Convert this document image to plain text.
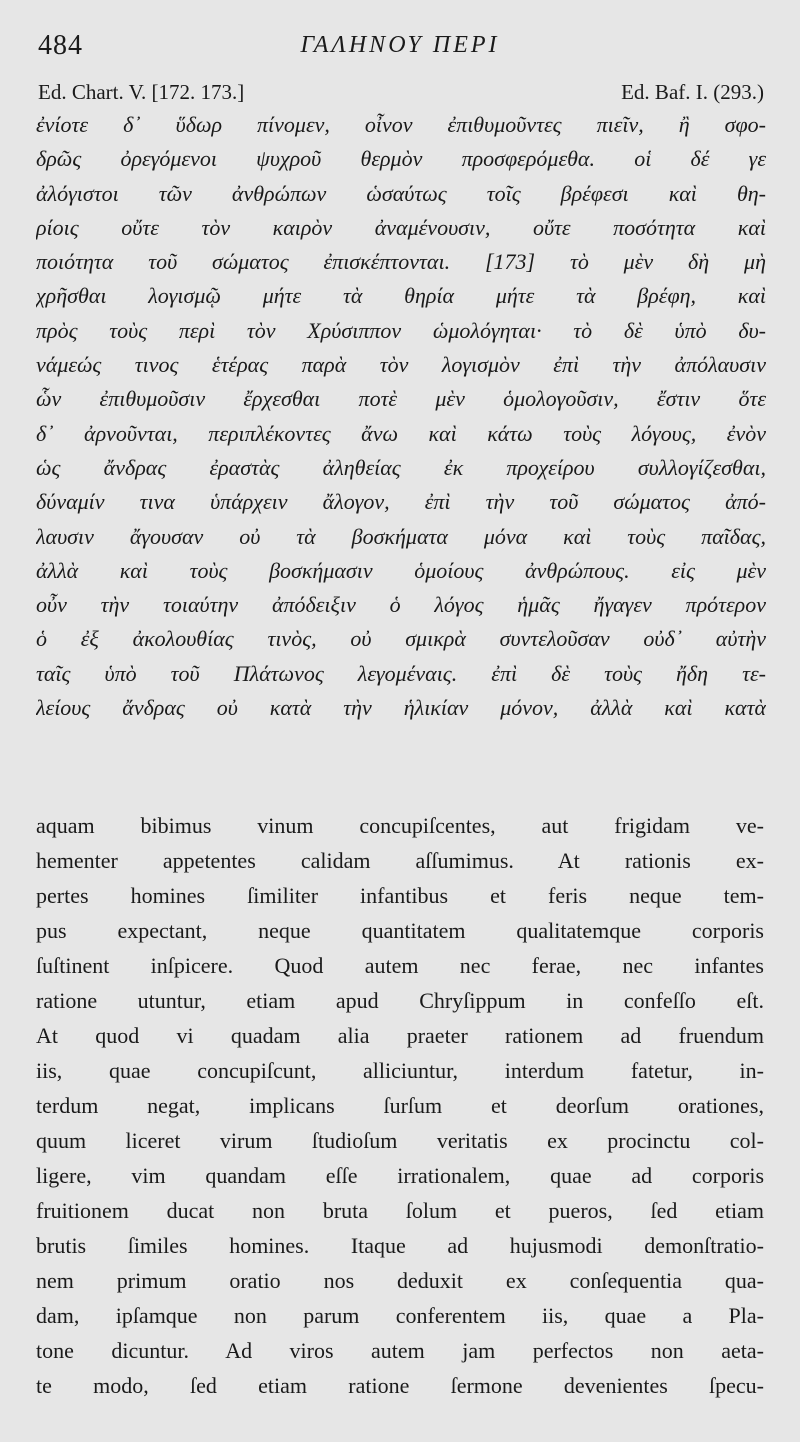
484	ΓΑΛΗΝΟΥ ΠΕΡΙ
Ed. Chart. V. [172. 173.]	Ed. Baf. I. (293.)
ἐνίοτε δ᾽ ὕδωρ πίνομεν, οἶνον ἐπιθυμοῦντες πιεῖν, ἢ σφο-
δρῶς ὀρεγόμενοι ψυχροῦ θερμὸν προσφερόμεθα. οἱ δέ γε
ἀλόγιστοι τῶν ἀνθρώπων ὡσαύτως τοῖς βρέφεσι καὶ θη-
ρίοις οὔτε τὸν καιρὸν ἀναμένουσιν, οὔτε ποσότητα καὶ
ποιότητα τοῦ σώματος ἐπισκέπτονται. [173] τὸ μὲν δὴ μὴ
χρῆσθαι λογισμῷ μήτε τὰ θηρία μήτε τὰ βρέφη, καὶ
πρὸς τοὺς περὶ τὸν Χρύσιππον ὡμολόγηται· τὸ δὲ ὑπὸ δυ-
νάμεώς τινος ἑτέρας παρὰ τὸν λογισμὸν ἐπὶ τὴν ἀπόλαυσιν
ὧν ἐπιθυμοῦσιν ἔρχεσθαι ποτὲ μὲν ὁμολογοῦσιν, ἔστιν ὅτε
δ᾽ ἀρνοῦνται, περιπλέκοντες ἄνω καὶ κάτω τοὺς λόγους, ἐνὸν
ὡς ἄνδρας ἐραστὰς ἀληθείας ἐκ προχείρου συλλογίζεσθαι,
δύναμίν τινα ὑπάρχειν ἄλογον, ἐπὶ τὴν τοῦ σώματος ἀπό-
λαυσιν ἄγουσαν οὐ τὰ βοσκήματα μόνα καὶ τοὺς παῖδας,
ἀλλὰ καὶ τοὺς βοσκήμασιν ὁμοίους ἀνθρώπους. εἰς μὲν
οὖν τὴν τοιαύτην ἀπόδειξιν ὁ λόγος ἡμᾶς ἤγαγεν πρότερον
ὁ ἐξ ἀκολουθίας τινὸς, οὐ σμικρὰ συντελοῦσαν οὐδ᾽ αὐτὴν
ταῖς ὑπὸ τοῦ Πλάτωνος λεγομέναις. ἐπὶ δὲ τοὺς ἤδη τε-
λείους ἄνδρας οὐ κατὰ τὴν ἡλικίαν μόνον, ἀλλὰ καὶ κατὰ
aquam bibimus vinum concupiſcentes, aut frigidam ve-
hementer appetentes calidam aſſumimus. At rationis ex-
pertes homines ſimiliter infantibus et feris neque tem-
pus expectant, neque quantitatem qualitatemque corporis
ſuſtinent inſpicere. Quod autem nec ferae, nec infantes
ratione utuntur, etiam apud Chryſippum in confeſſo eſt.
At quod vi quadam alia praeter rationem ad fruendum
iis, quae concupiſcunt, alliciuntur, interdum fatetur, in-
terdum negat, implicans ſurſum et deorſum orationes,
quum liceret virum ſtudioſum veritatis ex procinctu col-
ligere, vim quandam eſſe irrationalem, quae ad corporis
fruitionem ducat non bruta ſolum et pueros, ſed etiam
brutis ſimiles homines. Itaque ad hujusmodi demonſtratio-
nem primum oratio nos deduxit ex conſequentia qua-
dam, ipſamque non parum conferentem iis, quae a Pla-
tone dicuntur. Ad viros autem jam perfectos non aeta-
te modo, ſed etiam ratione ſermone devenientes ſpecu-
